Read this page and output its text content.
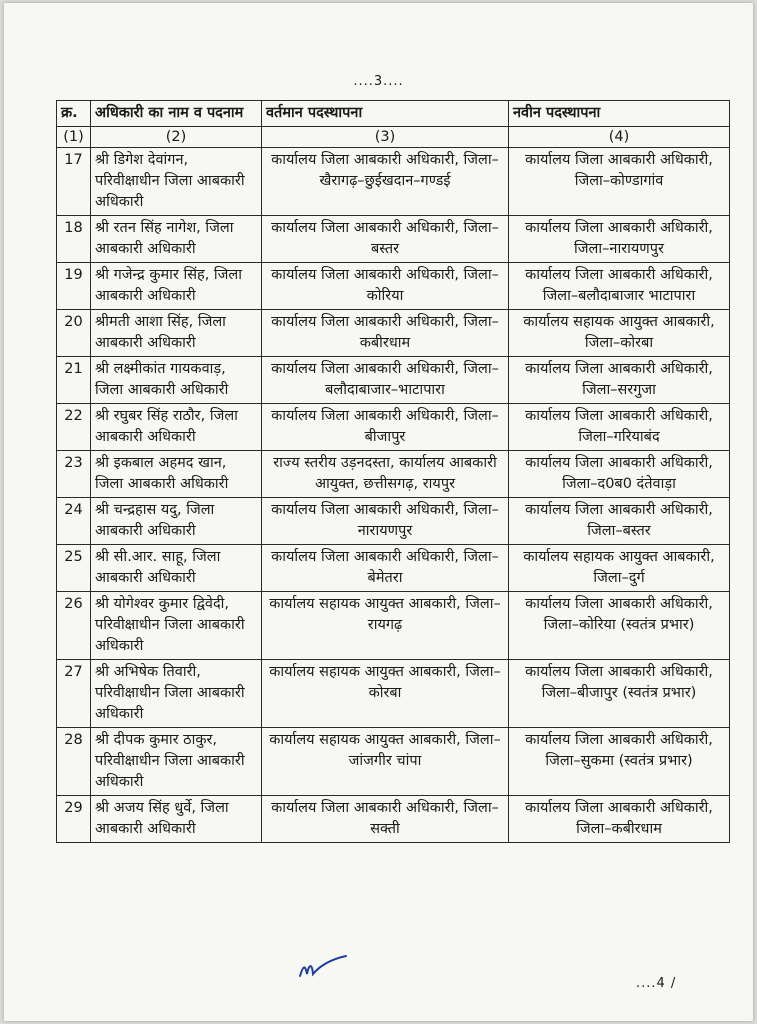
....3....
क्र.	अधिकारी का नाम व पदनाम	वर्तमान पदस्थापना	नवीन पदस्थापना
(1)	(2)	(3)	(4)
17	श्री डिगेश देवांगन, परिवीक्षाधीन जिला आबकारी अधिकारी	कार्यालय जिला आबकारी अधिकारी, जिला–खैरागढ़–छुईखदान–गण्डई	कार्यालय जिला आबकारी अधिकारी, जिला–कोण्डागांव
18	श्री रतन सिंह नागेश, जिला आबकारी अधिकारी	कार्यालय जिला आबकारी अधिकारी, जिला–बस्तर	कार्यालय जिला आबकारी अधिकारी, जिला–नारायणपुर
19	श्री गजेन्द्र कुमार सिंह, जिला आबकारी अधिकारी	कार्यालय जिला आबकारी अधिकारी, जिला–कोरिया	कार्यालय जिला आबकारी अधिकारी, जिला–बलौदाबाजार भाटापारा
20	श्रीमती आशा सिंह, जिला आबकारी अधिकारी	कार्यालय जिला आबकारी अधिकारी, जिला–कबीरधाम	कार्यालय सहायक आयुक्त आबकारी, जिला–कोरबा
21	श्री लक्ष्मीकांत गायकवाड़, जिला आबकारी अधिकारी	कार्यालय जिला आबकारी अधिकारी, जिला–बलौदाबाजार–भाटापारा	कार्यालय जिला आबकारी अधिकारी, जिला–सरगुजा
22	श्री रघुबर सिंह राठौर, जिला आबकारी अधिकारी	कार्यालय जिला आबकारी अधिकारी, जिला–बीजापुर	कार्यालय जिला आबकारी अधिकारी, जिला–गरियाबंद
23	श्री इकबाल अहमद खान, जिला आबकारी अधिकारी	राज्य स्तरीय उड़नदस्ता, कार्यालय आबकारी आयुक्त, छत्तीसगढ़, रायपुर	कार्यालय जिला आबकारी अधिकारी, जिला–द0ब0 दंतेवाड़ा
24	श्री चन्द्रहास यदु, जिला आबकारी अधिकारी	कार्यालय जिला आबकारी अधिकारी, जिला–नारायणपुर	कार्यालय जिला आबकारी अधिकारी, जिला–बस्तर
25	श्री सी.आर. साहू, जिला आबकारी अधिकारी	कार्यालय जिला आबकारी अधिकारी, जिला–बेमेतरा	कार्यालय सहायक आयुक्त आबकारी, जिला–दुर्ग
26	श्री योगेश्वर कुमार द्विवेदी, परिवीक्षाधीन जिला आबकारी अधिकारी	कार्यालय सहायक आयुक्त आबकारी, जिला–रायगढ़	कार्यालय जिला आबकारी अधिकारी, जिला–कोरिया (स्वतंत्र प्रभार)
27	श्री अभिषेक तिवारी, परिवीक्षाधीन जिला आबकारी अधिकारी	कार्यालय सहायक आयुक्त आबकारी, जिला–कोरबा	कार्यालय जिला आबकारी अधिकारी, जिला–बीजापुर (स्वतंत्र प्रभार)
28	श्री दीपक कुमार ठाकुर, परिवीक्षाधीन जिला आबकारी अधिकारी	कार्यालय सहायक आयुक्त आबकारी, जिला–जांजगीर चांपा	कार्यालय जिला आबकारी अधिकारी, जिला–सुकमा (स्वतंत्र प्रभार)
29	श्री अजय सिंह धुर्वे, जिला आबकारी अधिकारी	कार्यालय जिला आबकारी अधिकारी, जिला–सक्ती	कार्यालय जिला आबकारी अधिकारी, जिला–कबीरधाम
....4 /
